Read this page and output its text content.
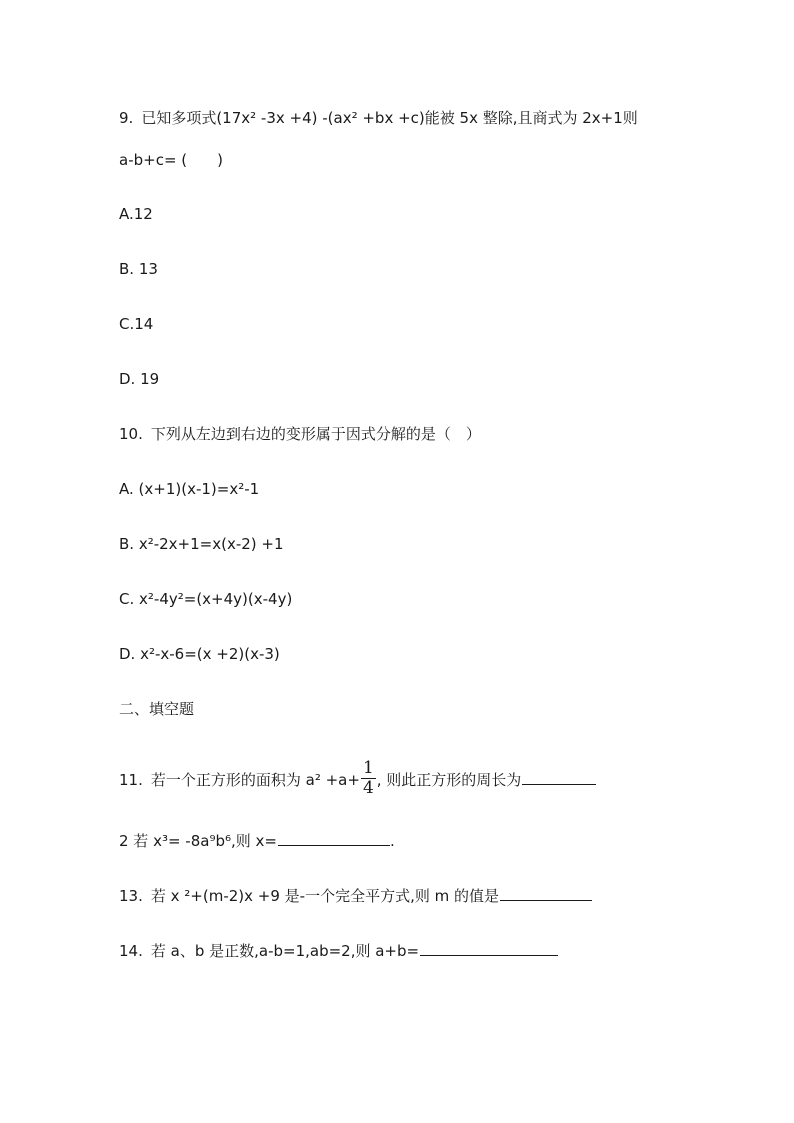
9. 已知多项式(17x² -3x +4) -(ax² +bx +c)能被 5x 整除,且商式为 2x+1则
a-b+c= (　　)
A.12
B. 13
C.14
D. 19
10. 下列从左边到右边的变形属于因式分解的是（　）
A. (x+1)(x-1)=x²-1
B. x²-2x+1=x(x-2) +1
C. x²-4y²=(x+4y)(x-4y)
D. x²-x-6=(x +2)(x-3)
二、填空题
11. 若一个正方形的面积为 $a^2 +a+ \frac{1}{4}$ , 则此正方形的周长为
2 若 x³= -8a⁹b⁶,则 x=	.
13. 若 x ²+(m-2)x +9 是-一个完全平方式,则 m 的值是
14. 若 a、b 是正数,a-b=1,ab=2,则 a+b=
